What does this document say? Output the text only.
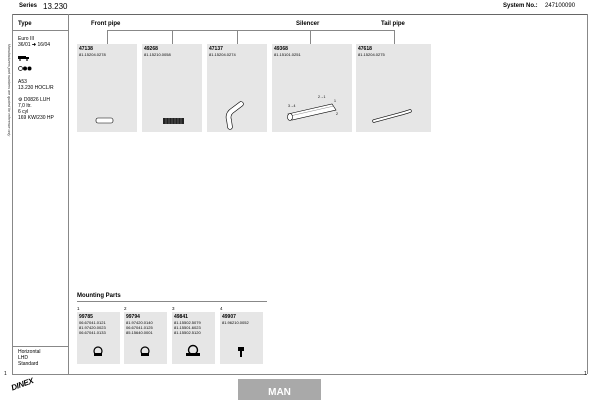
Series 13.230	System No.: 247100090
Manufacturers part numbers are quoted for reference only
Type
Euro III
36/01 ➜ 16/04
A53
13.230 HOCL/R
⚙ D0826 LUH
7,0 ltr.
6 cyl
169 KW/230 HP
Horizontal
LHD
Standard
Front pipe	Silencer	Tail pipe
47138
81.15204.0278
49268
81.15210.0058
47137
81.15204.0274
49368
81.15101.0251
3→4
2→1
1
2
47618
81.15204.0275
Mounting Parts
1
99785
06.67041.0121
81.97420.0023
06.67041.0133
2
99794
81.97420.0140
06.67041.0125
85.15640.0001
3
49841
81.15502.5079
81.15501.6023
81.15502.5120
4
49907
81.96210.0052
1	1
DINEX
MAN
